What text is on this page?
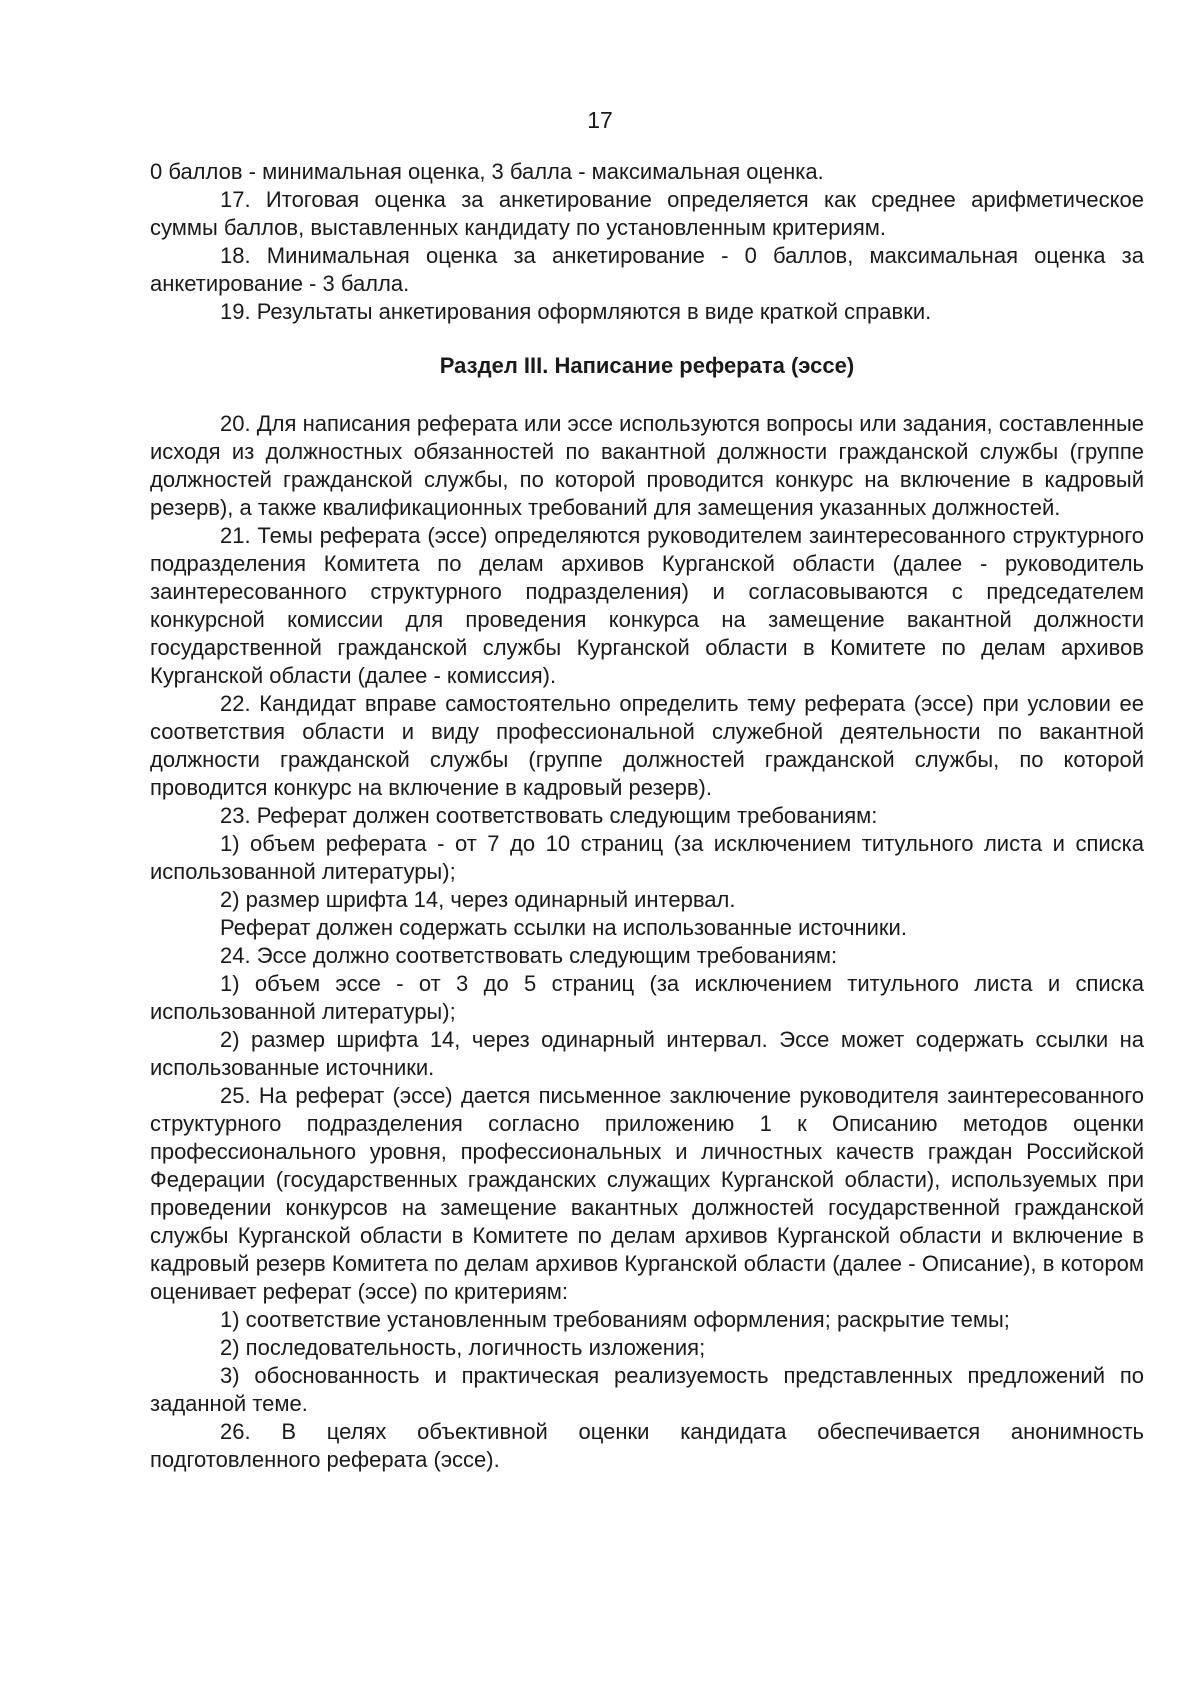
17

0 баллов - минимальная оценка, 3 балла - максимальная оценка.

17. Итоговая оценка за анкетирование определяется как среднее арифметическое суммы баллов, выставленных кандидату по установленным критериям.

18. Минимальная оценка за анкетирование - 0 баллов, максимальная оценка за анкетирование - 3 балла.

19. Результаты анкетирования оформляются в виде краткой справки.

Раздел III. Написание реферата (эссе)

20. Для написания реферата или эссе используются вопросы или задания, составленные исходя из должностных обязанностей по вакантной должности гражданской службы (группе должностей гражданской службы, по которой проводится конкурс на включение в кадровый резерв), а также квалификационных требований для замещения указанных должностей.

21. Темы реферата (эссе) определяются руководителем заинтересованного структурного подразделения Комитета по делам архивов Курганской области (далее - руководитель заинтересованного структурного подразделения) и согласовываются с председателем конкурсной комиссии для проведения конкурса на замещение вакантной должности государственной гражданской службы Курганской области в Комитете по делам архивов Курганской области (далее - комиссия).

22. Кандидат вправе самостоятельно определить тему реферата (эссе) при условии ее соответствия области и виду профессиональной служебной деятельности по вакантной должности гражданской службы (группе должностей гражданской службы, по которой проводится конкурс на включение в кадровый резерв).

23. Реферат должен соответствовать следующим требованиям:

1) объем реферата - от 7 до 10 страниц (за исключением титульного листа и списка использованной литературы);

2) размер шрифта 14, через одинарный интервал.

Реферат должен содержать ссылки на использованные источники.

24. Эссе должно соответствовать следующим требованиям:

1) объем эссе - от 3 до 5 страниц (за исключением титульного листа и списка использованной литературы);

2) размер шрифта 14, через одинарный интервал. Эссе может содержать ссылки на использованные источники.

25. На реферат (эссе) дается письменное заключение руководителя заинтересованного структурного подразделения согласно приложению 1 к Описанию методов оценки профессионального уровня, профессиональных и личностных качеств граждан Российской Федерации (государственных гражданских служащих Курганской области), используемых при проведении конкурсов на замещение вакантных должностей государственной гражданской службы Курганской области в Комитете по делам архивов Курганской области и включение в кадровый резерв Комитета по делам архивов Курганской области (далее - Описание), в котором оценивает реферат (эссе) по критериям:

1) соответствие установленным требованиям оформления; раскрытие темы;

2) последовательность, логичность изложения;

3) обоснованность и практическая реализуемость представленных предложений по заданной теме.

26. В целях объективной оценки кандидата обеспечивается анонимность подготовленного реферата (эссе).
